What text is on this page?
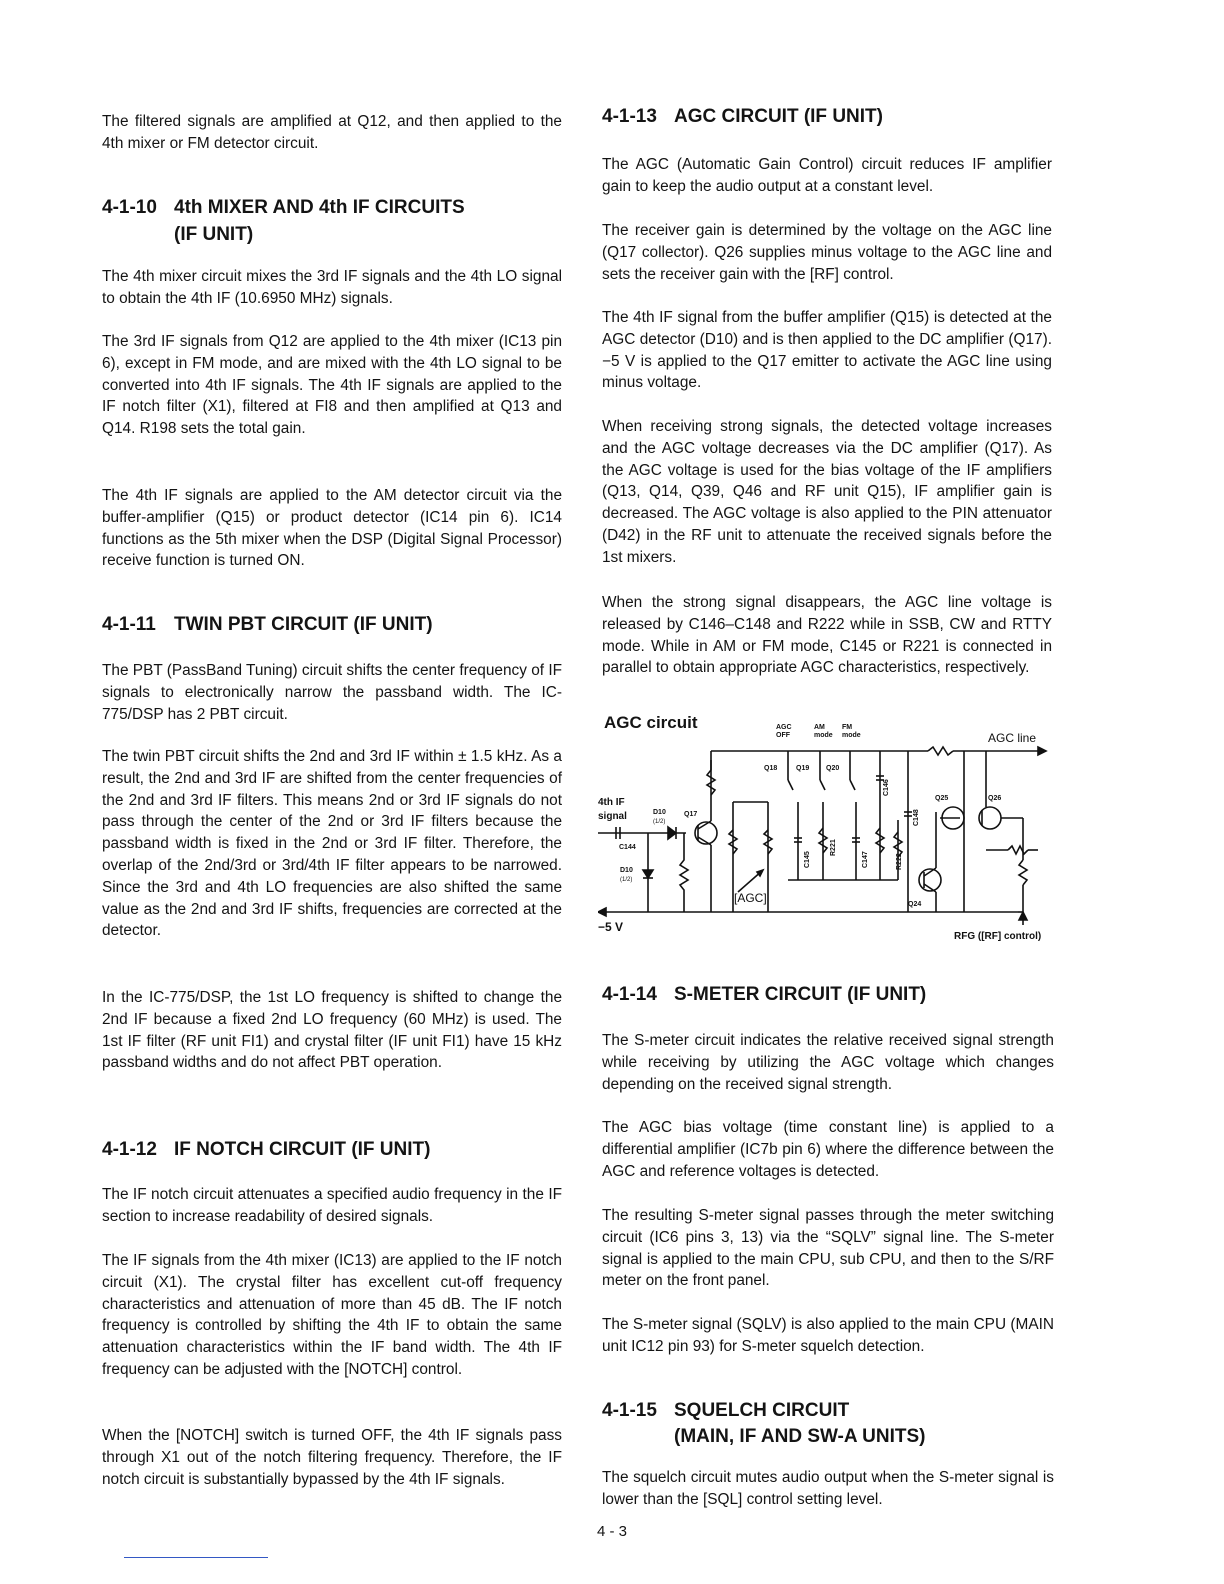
The filtered signals are amplified at Q12, and then applied to the 4th mixer or FM detector circuit.

4-1-10 4th MIXER AND 4th IF CIRCUITS
(IF UNIT)

The 4th mixer circuit mixes the 3rd IF signals and the 4th LO signal to obtain the 4th IF (10.6950 MHz) signals.

The 3rd IF signals from Q12 are applied to the 4th mixer (IC13 pin 6), except in FM mode, and are mixed with the 4th LO signal to be converted into 4th IF signals. The 4th IF signals are applied to the IF notch filter (X1), filtered at FI8 and then amplified at Q13 and Q14. R198 sets the total gain.

The 4th IF signals are applied to the AM detector circuit via the buffer-amplifier (Q15) or product detector (IC14 pin 6). IC14 functions as the 5th mixer when the DSP (Digital Signal Processor) receive function is turned ON.

4-1-11 TWIN PBT CIRCUIT (IF UNIT)

The PBT (PassBand Tuning) circuit shifts the center frequency of IF signals to electronically narrow the passband width. The IC-775/DSP has 2 PBT circuit.

The twin PBT circuit shifts the 2nd and 3rd IF within ± 1.5 kHz. As a result, the 2nd and 3rd IF are shifted from the center frequencies of the 2nd and 3rd IF filters. This means 2nd or 3rd IF signals do not pass through the center of the 2nd or 3rd IF filters because the passband width is fixed in the 2nd or 3rd IF filter. Therefore, the overlap of the 2nd/3rd or 3rd/4th IF filter appears to be narrowed. Since the 3rd and 4th LO frequencies are also shifted the same value as the 2nd and 3rd IF shifts, frequencies are corrected at the detector.

In the IC-775/DSP, the 1st LO frequency is shifted to change the 2nd IF because a fixed 2nd LO frequency (60 MHz) is used. The 1st IF filter (RF unit FI1) and crystal filter (IF unit FI1) have 15 kHz passband widths and do not affect PBT operation.

4-1-12 IF NOTCH CIRCUIT (IF UNIT)

The IF notch circuit attenuates a specified audio frequency in the IF section to increase readability of desired signals.

The IF signals from the 4th mixer (IC13) are applied to the IF notch circuit (X1). The crystal filter has excellent cut-off frequency characteristics and attenuation of more than 45 dB. The IF notch frequency is controlled by shifting the 4th IF to obtain the same attenuation characteristics within the IF band width. The 4th IF frequency can be adjusted with the [NOTCH] control.

When the [NOTCH] switch is turned OFF, the 4th IF signals pass through X1 out of the notch filtering frequency. Therefore, the IF notch circuit is substantially bypassed by the 4th IF signals.

4-1-13 AGC CIRCUIT (IF UNIT)

The AGC (Automatic Gain Control) circuit reduces IF amplifier gain to keep the audio output at a constant level.

The receiver gain is determined by the voltage on the AGC line (Q17 collector). Q26 supplies minus voltage to the AGC line and sets the receiver gain with the [RF] control.

The 4th IF signal from the buffer amplifier (Q15) is detected at the AGC detector (D10) and is then applied to the DC amplifier (Q17). −5 V is applied to the Q17 emitter to activate the AGC line using minus voltage.

When receiving strong signals, the detected voltage increases and the AGC voltage decreases via the DC amplifier (Q17). As the AGC voltage is used for the bias voltage of the IF amplifiers (Q13, Q14, Q39, Q46 and RF unit Q15), IF amplifier gain is decreased. The AGC voltage is also applied to the PIN attenuator (D42) in the RF unit to attenuate the received signals before the 1st mixers.

When the strong signal disappears, the AGC line voltage is released by C146–C148 and R222 while in SSB, CW and RTTY mode. While in AM or FM mode, C145 or R221 is connected in parallel to obtain appropriate AGC characteristics, respectively.

AGC circuit
4-1-14 S-METER CIRCUIT (IF UNIT)

The S-meter circuit indicates the relative received signal strength while receiving by utilizing the AGC voltage which changes depending on the received signal strength.

The AGC bias voltage (time constant line) is applied to a differential amplifier (IC7b pin 6) where the difference between the AGC and reference voltages is detected.

The resulting S-meter signal passes through the meter switching circuit (IC6 pins 3, 13) via the “SQLV” signal line. The S-meter signal is applied to the main CPU, sub CPU, and then to the S/RF meter on the front panel.

The S-meter signal (SQLV) is also applied to the main CPU (MAIN unit IC12 pin 93) for S-meter squelch detection.

4-1-15 SQUELCH CIRCUIT
(MAIN, IF AND SW-A UNITS)

The squelch circuit mutes audio output when the S-meter signal is lower than the [SQL] control setting level.

AGC OFF
AM mode
FM mode	AGC line
4th IF
signal
C144
D10
(1/2)
D10
(1/2)
Q17
Q18	Q19 Q20
Q24
Q25	Q26
C145
R221
C146
C147
C148
R222
[AGC]
−5 V
RFG ([RF] control)
4 - 3
